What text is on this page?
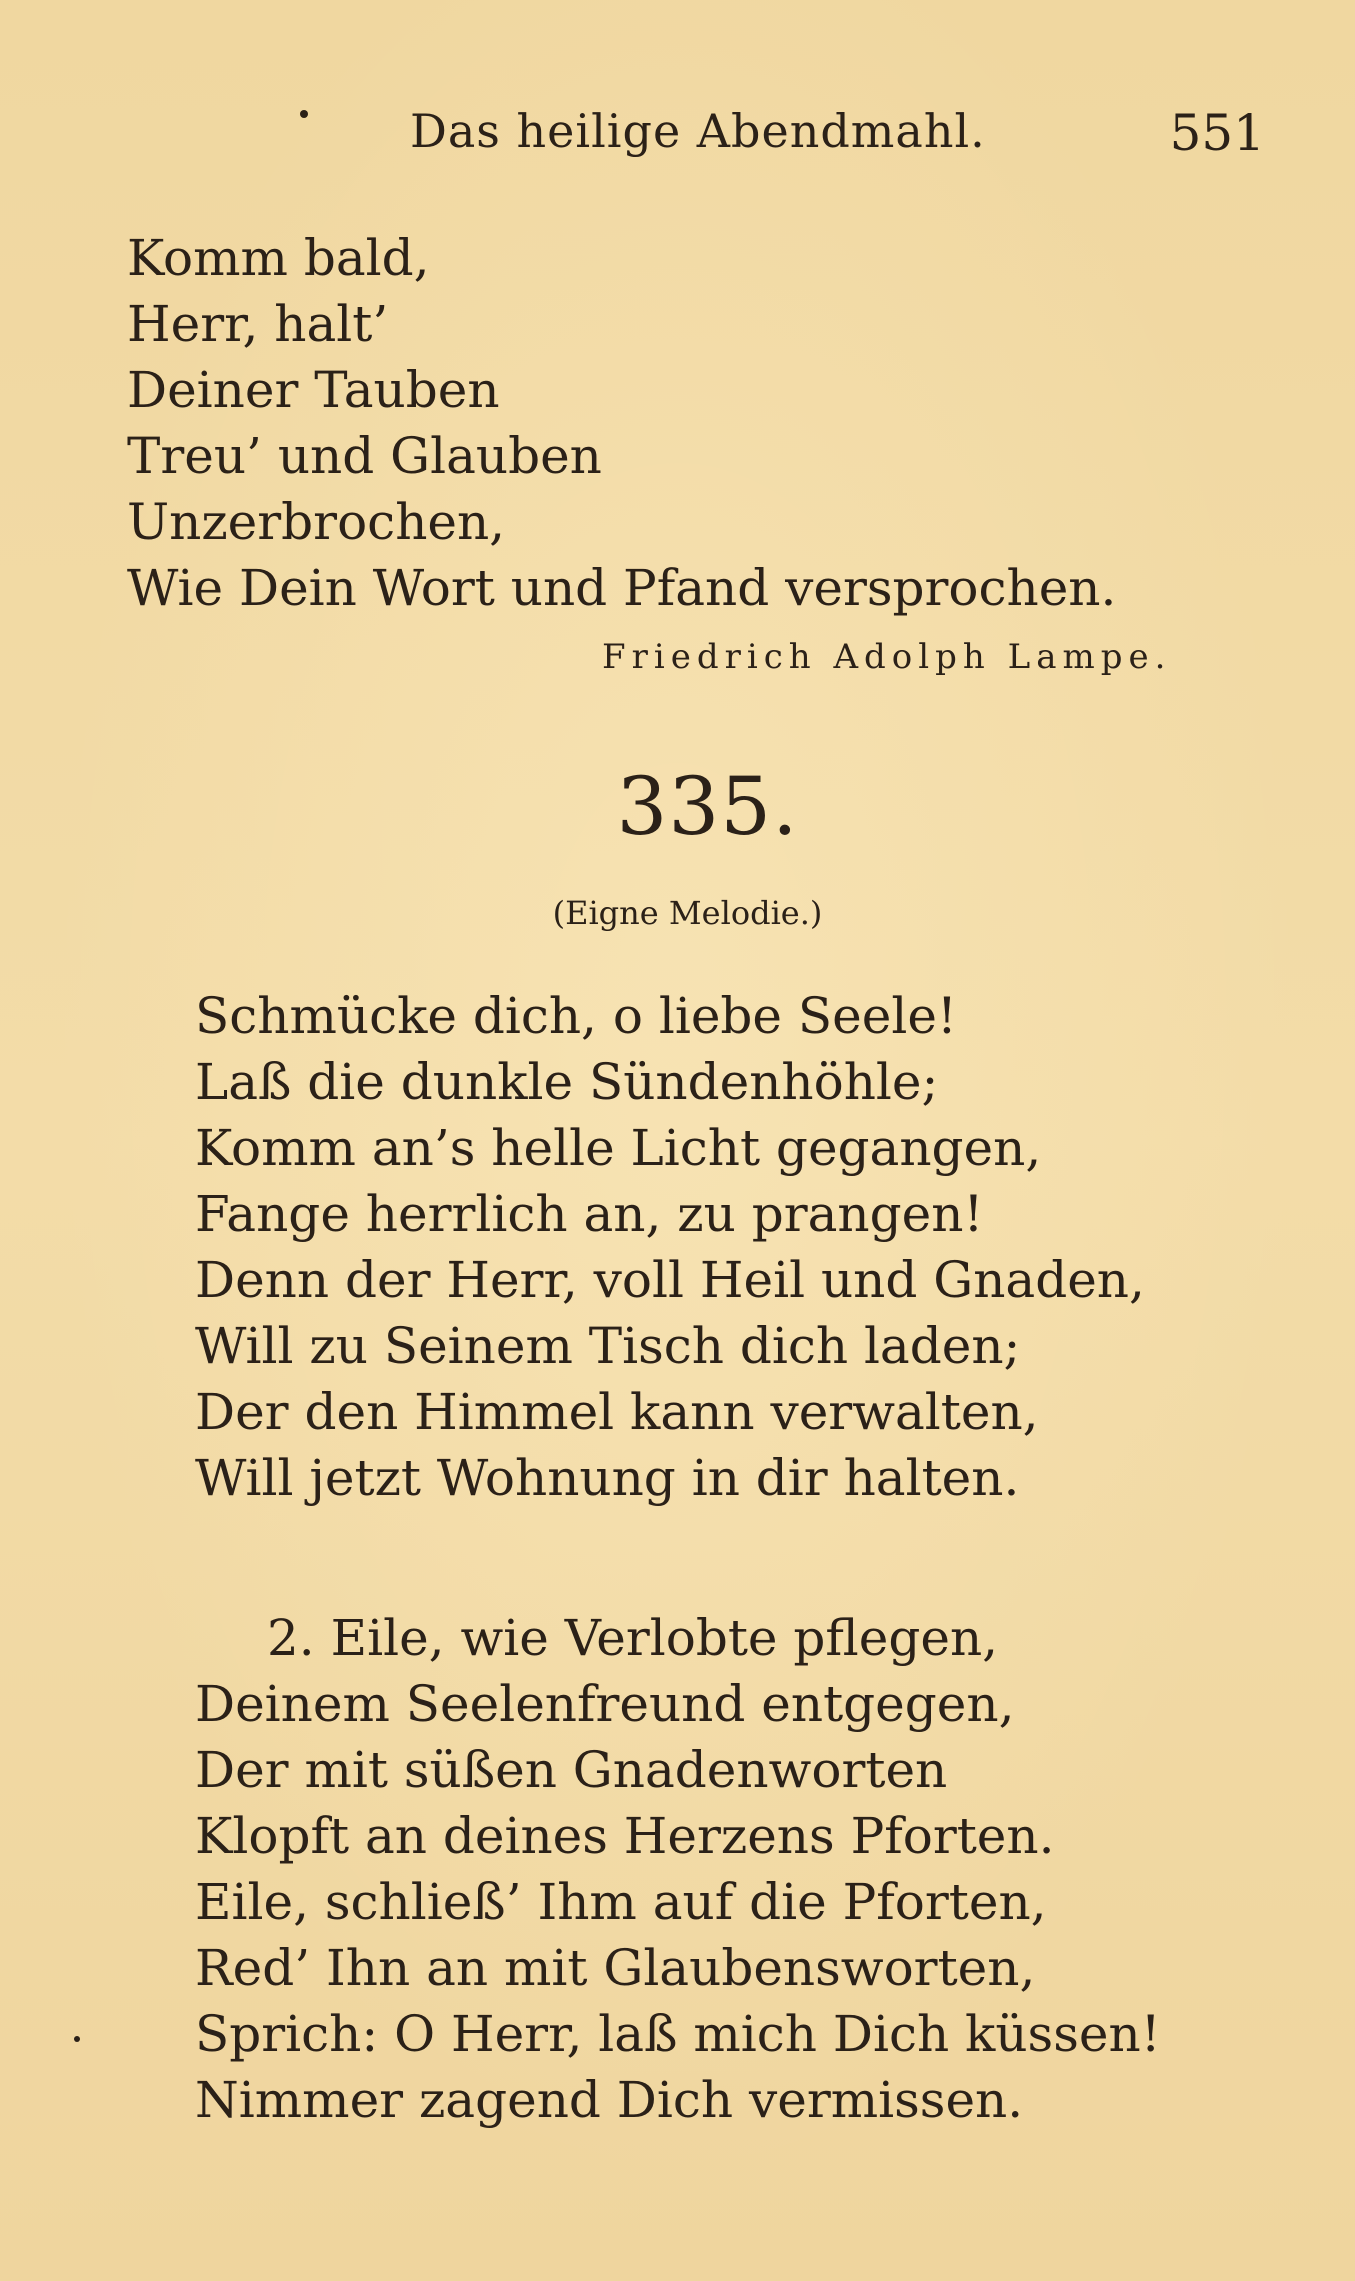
Das heilige Abendmahl.	551
Komm bald,
Herr, halt’
Deiner Tauben
Treu’ und Glauben
Unzerbrochen,
Wie Dein Wort und Pfand versprochen.
Friedrich Adolph Lampe.
335.
(Eigne Melodie.)
Schmücke dich, o liebe Seele!
Laß die dunkle Sündenhöhle;
Komm an’s helle Licht gegangen,
Fange herrlich an, zu prangen!
Denn der Herr, voll Heil und Gnaden,
Will zu Seinem Tisch dich laden;
Der den Himmel kann verwalten,
Will jetzt Wohnung in dir halten.
2. Eile, wie Verlobte pflegen,
Deinem Seelenfreund entgegen,
Der mit süßen Gnadenworten
Klopft an deines Herzens Pforten.
Eile, schließ’ Ihm auf die Pforten,
Red’ Ihn an mit Glaubensworten,
Sprich: O Herr, laß mich Dich küssen!
Nimmer zagend Dich vermissen.
